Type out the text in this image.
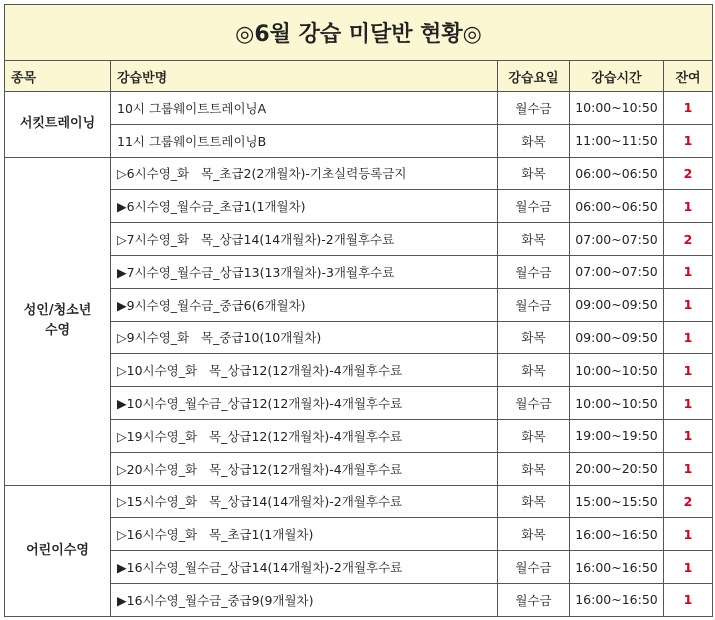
◎6월 강습 미달반 현황◎				
종목	강습반명	강습요일	강습시간	잔여
서킷트레이닝	10시 그룹웨이트트레이닝A	월수금	10:00~10:50	1
	11시 그룹웨이트트레이닝B	화목	11:00~11:50	1
성인/청소년
수영	▷6시수영_화   목_초급2(2개월차)-기초실력등록금지	화목	06:00~06:50	2
	▶6시수영_월수금_초급1(1개월차)	월수금	06:00~06:50	1
	▷7시수영_화   목_상급14(14개월차)-2개월후수료	화목	07:00~07:50	2
	▶7시수영_월수금_상급13(13개월차)-3개월후수료	월수금	07:00~07:50	1
	▶9시수영_월수금_중급6(6개월차)	월수금	09:00~09:50	1
	▷9시수영_화   목_중급10(10개월차)	화목	09:00~09:50	1
	▷10시수영_화   목_상급12(12개월차)-4개월후수료	화목	10:00~10:50	1
	▶10시수영_월수금_상급12(12개월차)-4개월후수료	월수금	10:00~10:50	1
	▷19시수영_화   목_상급12(12개월차)-4개월후수료	화목	19:00~19:50	1
	▷20시수영_화   목_상급12(12개월차)-4개월후수료	화목	20:00~20:50	1
어린이수영	▷15시수영_화   목_상급14(14개월차)-2개월후수료	화목	15:00~15:50	2
	▷16시수영_화   목_초급1(1개월차)	화목	16:00~16:50	1
	▶16시수영_월수금_상급14(14개월차)-2개월후수료	월수금	16:00~16:50	1
	▶16시수영_월수금_중급9(9개월차)	월수금	16:00~16:50	1
